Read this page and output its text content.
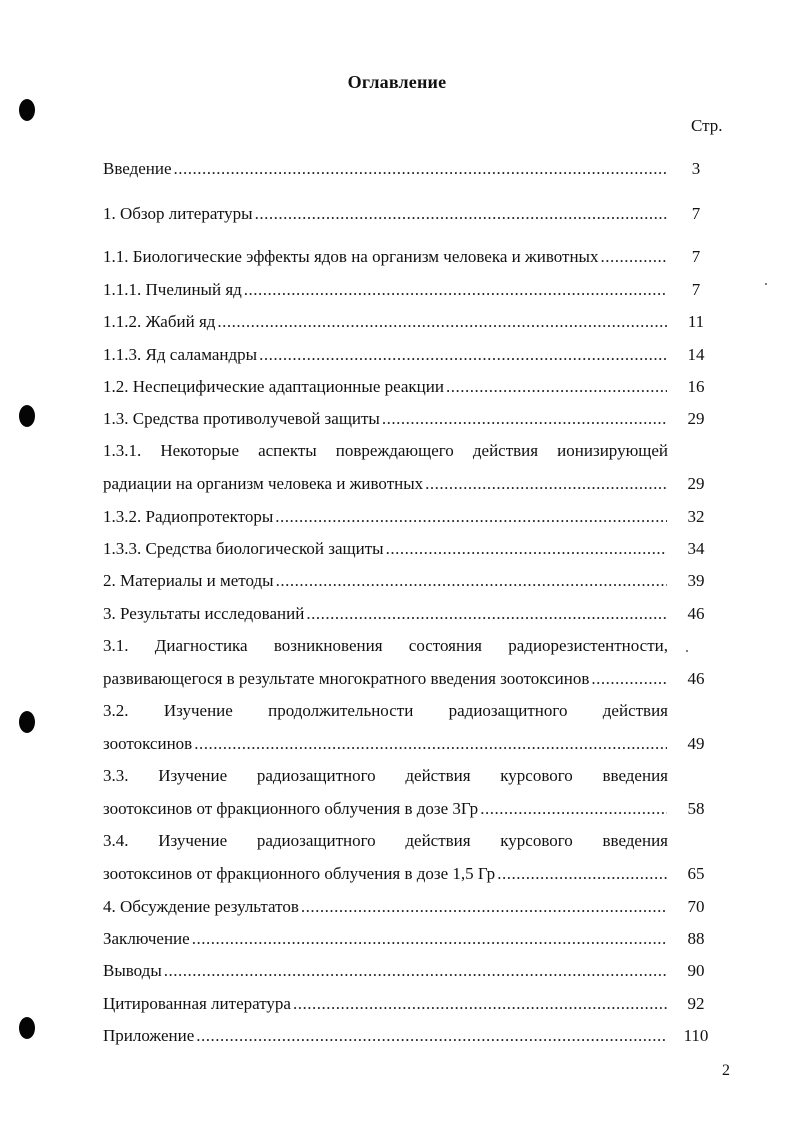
Оглавление
Стр.
Введение .....	3
1. Обзор литературы .....	7
1.1. Биологические эффекты ядов на организм человека и животных .....	7
1.1.1. Пчелиный яд .....	7
1.1.2. Жабий яд .....	11
1.1.3. Яд саламандры .....	14
1.2. Неспецифические адаптационные реакции .....	16
1.3. Средства противолучевой защиты .....	29
1.3.1. Некоторые аспекты повреждающего действия ионизирующей
радиации на организм человека и животных .....	29
1.3.2. Радиопротекторы .....	32
1.3.3. Средства биологической защиты .....	34
2. Материалы и методы .....	39
3. Результаты исследований .....	46
3.1. Диагностика возникновения состояния радиорезистентности,
развивающегося в результате многократного введения зоотоксинов .....	46
3.2. Изучение продолжительности радиозащитного действия
зоотоксинов .....	49
3.3. Изучение радиозащитного действия курсового введения
зоотоксинов от фракционного облучения в дозе 3Гр .....	58
3.4. Изучение радиозащитного действия курсового введения
зоотоксинов от фракционного облучения в дозе 1,5 Гр .....	65
4. Обсуждение результатов .....	70
Заключение .....	88
Выводы .....	90
Цитированная литература .....	92
Приложение .....	110
2
